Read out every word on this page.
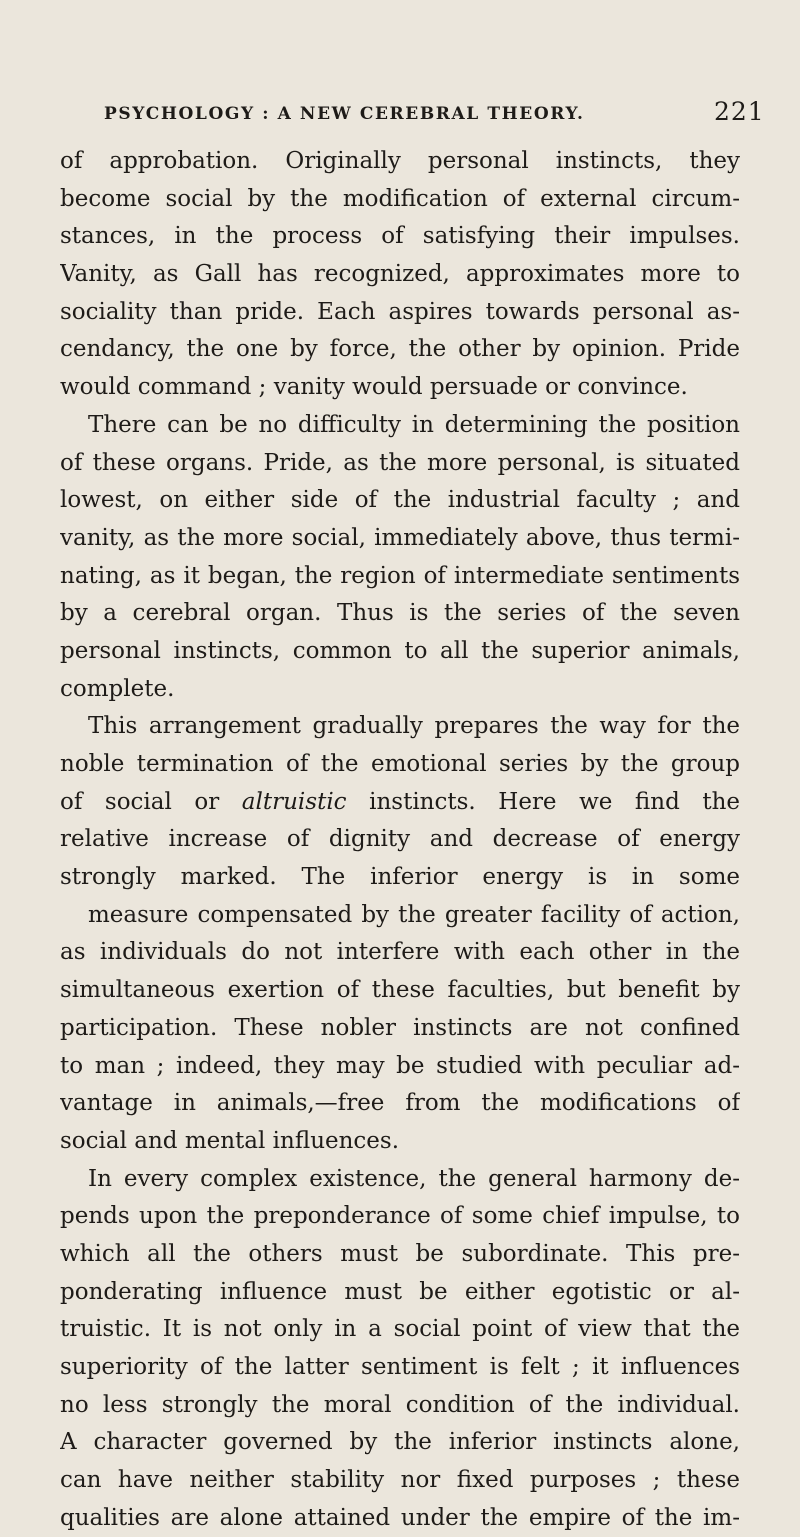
PSYCHOLOGY : A NEW CEREBRAL THEORY.	221
of approbation. Originally personal instincts, they
become social by the modification of external circum-
stances, in the process of satisfying their impulses.
Vanity, as Gall has recognized, approximates more to
sociality than pride. Each aspires towards personal as-
cendancy, the one by force, the other by opinion. Pride
would command ; vanity would persuade or convince.
There can be no difficulty in determining the position
of these organs. Pride, as the more personal, is situated
lowest, on either side of the industrial faculty ; and
vanity, as the more social, immediately above, thus termi-
nating, as it began, the region of intermediate sentiments
by a cerebral organ. Thus is the series of the seven
personal instincts, common to all the superior animals,
complete.
This arrangement gradually prepares the way for the
noble termination of the emotional series by the group
of social or altruistic instincts. Here we find the
relative increase of dignity and decrease of energy
strongly marked. The inferior energy is in some
measure compensated by the greater facility of action,
as individuals do not interfere with each other in the
simultaneous exertion of these faculties, but benefit by
participation. These nobler instincts are not confined
to man ; indeed, they may be studied with peculiar ad-
vantage in animals,—free from the modifications of
social and mental influences.
In every complex existence, the general harmony de-
pends upon the preponderance of some chief impulse, to
which all the others must be subordinate. This pre-
ponderating influence must be either egotistic or al-
truistic. It is not only in a social point of view that the
superiority of the latter sentiment is felt ; it influences
no less strongly the moral condition of the individual.
A character governed by the inferior instincts alone,
can have neither stability nor fixed purposes ; these
qualities are alone attained under the empire of the im-
